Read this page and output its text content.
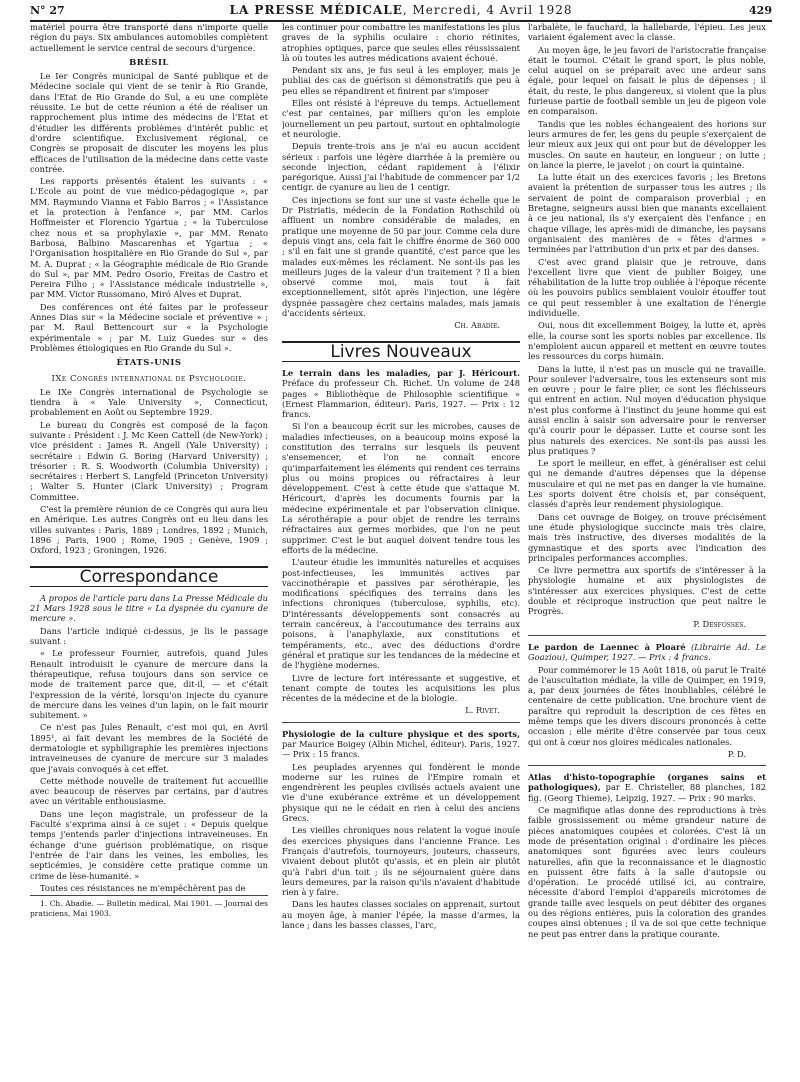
N° 27	LA PRESSE MÉDICALE, Mercredi, 4 Avril 1928	429

matériel pourra être transporté dans n'importe quelle région du pays. Six ambulances automobiles complètent actuellement le service central de secours d'urgence.

BRÉSIL

Le Ier Congrès municipal de Santé publique et de Médecine sociale qui vient de se tenir à Rio Grande, dans l'Etat de Rio Grande do Sul, a eu une complète réussite. Le but de cette réunion a été de réaliser un rapprochement plus intime des médecins de l'Etat et d'étudier les différents problèmes d'intérêt public et d'ordre scientifique. Exclusivement régional, ce Congrès se proposait de discuter les moyens les plus efficaces de l'utilisation de la médecine dans cette vaste contrée.

Les rapports présentés étaient les suivants : « L'Ecole au point de vue médico-pédagogique », par MM. Raymundo Vianna et Fabio Barros ; « l'Assistance et la protection à l'enfance », par MM. Carlos Hoffmeister et Florencio Ygartua ; « la Tuberculose chez nous et sa prophylaxie », par MM. Renato Barbosa, Balbino Mascarenhas et Ygartua ; « l'Organisation hospitalière en Rio Grande do Sul », par M. A. Duprat ; « la Géographie médicale de Rio Grande do Sul », par MM. Pedro Osorio, Freitas de Castro et Pereira Filho ; « l'Assistance médicale industrielle », par MM. Victor Russomano, Miró Alves et Duprat.

Des conférences ont été faites par le professeur Annes Dias sur « la Médecine sociale et préventive » ; par M. Raul Bettencourt sur « la Psychologie expérimentale » ; par M. Luiz Guedes sur « des Problèmes étiologiques en Rio Grande du Sul ».

ÉTATS-UNIS
IXe Congrès international de Psychologie.

Le IXe Congrès international de Psychologie se tiendra à « Yale University », Connecticut, probablement en Août ou Septembre 1929.

Le bureau du Congrès est composé de la façon suivante : Président : J. Mc Keen Cattell (de New-York) ; vice président : James R. Angell (Yale University) ; secrétaire : Edwin G. Boring (Harvard University) ; trésorier : R. S. Woodworth (Columbia University) ; secrétaires : Herbert S. Langfeld (Princeton University) ; Walter S. Hunter (Clark University) ; Program Committee.

C'est la première réunion de ce Congrès qui aura lieu en Amérique. Les autres Congrès ont eu lieu dans les villes suivantes : Paris, 1889 ; Londres, 1892 ; Munich, 1896 ; Paris, 1900 ; Rome, 1905 ; Genève, 1909 ; Oxford, 1923 ; Groningen, 1926.

Correspondance

A propos de l'article paru dans La Presse Médicale du 21 Mars 1928 sous le titre « La dyspnée du cyanure de mercure ».

Dans l'article indiqué ci-dessus, je lis le passage suivant :

« Le professeur Fournier, autrefois, quand Jules Renault introduisit le cyanure de mercure dans la thérapeutique, refusa toujours dans son service ce mode de traitement parce que, dit-il, — et c'était l'expression de la vérité, lorsqu'on injecte du cyanure de mercure dans les veines d'un lapin, on le fait mourir subitement. »

Ce n'est pas Jules Renault, c'est moi qui, en Avril 1895¹, ai fait devant les membres de la Société de dermatologie et syphiligraphie les premières injections intraveineuses de cyanure de mercure sur 3 malades que j'avais convoqués à cet effet.

Cette méthode nouvelle de traitement fut accueillie avec beaucoup de réserves par certains, par d'autres avec un véritable enthousiasme.

Dans une leçon magistrale, un professeur de la Faculté s'exprima ainsi à ce sujet : « Depuis quelque temps j'entends parler d'injections intraveineuses. En échange d'une guérison problématique, on risque l'entrée de l'air dans les veines, les embolies, les septicémies, je considère cette pratique comme un crime de lèse-humanité. »

Toutes ces résistances ne m'empêchèrent pas de

1. Ch. Abadie. — Bulletin médical, Mai 1901. — Journal des praticiens, Mai 1903.

les continuer pour combattre les manifestations les plus graves de la syphilis oculaire : chorio rétinites, atrophies optiques, parce que seules elles réussissaient là où toutes les autres médications avaient échoué.

Pendant six ans, je fus seul à les employer, mais je publiai des cas de guérison si démonstratifs que peu à peu elles se répandirent et finirent par s'imposer

Elles ont résisté à l'épreuve du temps. Actuellement c'est par centaines, par milliers qu'on les emploie journellement un peu partout, surtout en ophtalmologie et neurologie.

Depuis trente-trois ans je n'ai eu aucun accident sérieux : parfois une légère diarrhée à la première ou seconde injection, cédant rapidement à l'élixir parégorique. Aussi j'ai l'habitude de commencer par 1/2 centigr. de cyanure au lieu de 1 centigr.

Ces injections se font sur une si vaste échelle que le Dr Pistriatis, médecin de la Fondation Rothschild où affluent un nombre considérable de malades, en pratique une moyenne de 50 par jour. Comme cela dure depuis vingt ans, cela fait le chiffre énorme de 360 000 ; s'il en fait une si grande quantité, c'est parce que les malades eux-mêmes les réclament. Ne sont-ils pas les meilleurs juges de la valeur d'un traitement ? Il a bien observé comme moi, mais tout à fait exceptionnellement, sitôt après l'injection, une légère dyspnée passagère chez certains malades, mais jamais d'accidents sérieux.

Ch. Abadie.
Livres Nouveaux

Le terrain dans les maladies, par J. Héricourt. Préface du professeur Ch. Richet. Un volume de 248 pages « Bibliothèque de Philosophie scientifique » (Ernest Flammarion, éditeur). Paris, 1927. — Prix : 12 francs.

Si l'on a beaucoup écrit sur les microbes, causes de maladies infectieuses, on a beaucoup moins exposé la constitution des terrains sur lesquels ils peuvent s'ensemencer, et l'on ne connaît encore qu'imparfaitement les éléments qui rendent ces terrains plus ou moins propices ou réfractaires à leur développement. C'est à cette étude que s'attaque M. Héricourt, d'après les documents fournis par la médecine expérimentale et par l'observation clinique. La sérothérapie a pour objet de rendre les terrains réfractaires aux germes morbides, que l'on ne peut supprimer. C'est le but auquel doivent tendre tous les efforts de la médecine.

L'auteur étudie les immunités naturelles et acquises post-infectieuses, les immunités actives par vaccinothérapie et passives par sérothérapie, les modifications spécifiques des terrains dans les infections chroniques (tuberculose, syphilis, etc). D'intéressants développements sont consacrés au terrain cancéreux, à l'accoutumance des terrains aux poisons, à l'anaphylaxie, aux constitutions et tempéraments, etc., avec des déductions d'ordre général et pratique sur les tendances de la médecine et de l'hygiène modernes.

Livre de lecture fort intéressante et suggestive, et tenant compte de toutes les acquisitions les plus récentes de la médecine et de la biologie.

L. Rivet.

Physiologie de la culture physique et des sports, par Maurice Boigey (Albin Michel, éditeur). Paris, 1927. — Prix : 15 francs.

Les peuplades aryennes qui fondèrent le monde moderne sur les ruines de l'Empire romain et engendrèrent les peuples civilisés actuels avaient une vie d'une exubérance extrême et un développement physique qui ne le cédait en rien à celui des anciens Grecs.

Les vieilles chroniques nous relatent la vogue inouïe des exercices physiques dans l'ancienne France. Les Français d'autrefois, tournoyeurs, jouteurs, chasseurs, vivaient debout plutôt qu'assis, et en plein air plutôt qu'à l'abri d'un toit ; ils ne séjournaient guère dans leurs demeures, par la raison qu'ils n'avaient d'habitude rien à y faire.

Dans les hautes classes sociales on apprenait, surtout au moyen âge, à manier l'épée, la masse d'armes, la lance ; dans les basses classes, l'arc,

l'arbalète, le fauchard, la hallebarde, l'épieu. Les jeux variaient également avec la classe.

Au moyen âge, le jeu favori de l'aristocratie française était le tournoi. C'était le grand sport, le plus noble, celui auquel on se préparait avec une ardeur sans égale, pour lequel on faisait le plus de dépenses ; il était, du reste, le plus dangereux, si violent que la plus furieuse partie de football semble un jeu de pigeon vole en comparaison.

Tandis que les nobles échangeaient des horions sur leurs armures de fer, les gens du peuple s'exerçaient de leur mieux aux jeux qui ont pour but de développer les muscles. On saute en hauteur, en longueur ; on lutte ; on lance la pierre, le javelot ; on court la quintaine.

La lutte était un des exercices favoris ; les Bretons avaient la prétention de surpasser tous les autres ; ils servaient de point de comparaison proverbial ; en Bretagne, seigneurs aussi bien que manants excellaient à ce jeu national, ils s'y exerçaient dès l'enfance ; en chaque village, les après-midi de dimanche, les paysans organisaient des manières de « fêtes d'armes » terminées par l'attribution d'un prix et par des danses.

C'est avec grand plaisir que je retrouve, dans l'excellent livre que vient de publier Boigey, une réhabilitation de la lutte trop oubliée à l'époque récente où les pouvoirs publics semblaient vouloir étouffer tout ce qui peut ressembler à une exaltation de l'énergie individuelle.

Oui, nous dit excellemment Boigey, la lutte et, après elle, la course sont les sports nobles par excellence. Ils n'emploient aucun appareil et mettent en œuvre toutes les ressources du corps humain.

Dans la lutte, il n'est pas un muscle qui ne travaille. Pour soulever l'adversaire, tous les extenseurs sont mis en œuvre ; pour le faire plier, ce sont les fléchisseurs qui entrent en action. Nul moyen d'éducation physique n'est plus conforme à l'instinct du jeune homme qui est aussi enclin à saisir son adversaire pour le renverser qu'à courir pour le dépasser. Lutte et course sont les plus naturels des exercices. Ne sont-ils pas aussi les plus pratiques ?

Le sport le meilleur, en effet, à généraliser est celui qui ne demande d'autres dépenses que la dépense musculaire et qui ne met pas en danger la vie humaine. Les sports doivent être choisis et, par conséquent, classés d'après leur rendement physiologique.

Dans cet ouvrage de Boigey, on trouve précisément une étude physiologique succincte mais très claire, mais très instructive, des diverses modalités de la gymnastique et des sports avec l'indication des principales performances accomplies.

Ce livre permettra aux sportifs de s'intéresser à la physiologie humaine et aux physiologistes de s'intéresser aux exercices physiques. C'est de cette double et réciproque instruction que peut naître le Progrès.

P. Desfosses.

Le pardon de Laennec à Ploaré (Librairie Ad. Le Goaziou), Quimper, 1927. — Prix : 4 francs.

Pour commémorer le 15 Août 1818, où parut le Traité de l'auscultation médiate, la ville de Quimper, en 1919, a, par deux journées de fêtes inoubliables, célébré le centenaire de cette publication. Une brochure vient de paraître qui reproduit la description de ces fêtes en même temps que les divers discours prononcés à cette occasion ; elle mérite d'être conservée par tous ceux qui ont à cœur nos gloires médicales nationales.

P. D.

Atlas d'histo-topographie (organes sains et pathologiques), par E. Christeller, 88 planches, 182 fig. (Georg Thieme), Leipzig, 1927. — Prix : 90 marks.

Ce magnifique atlas donne des reproductions à très faible grossissement ou même grandeur nature de pièces anatomiques coupées et colorées. C'est là un mode de présentation original : d'ordinaire les pièces anatomiques sont figurées avec leurs couleurs naturelles, afin que la reconnaissance et le diagnostic en puissent être faits à la salle d'autopsie ou d'opération. Le procédé utilisé ici, au contraire, nécessite d'abord l'emploi d'appareils microtomes de grande taille avec lesquels on peut débiter des organes ou des régions entières, puis la coloration des grandes coupes ainsi obtenues ; il va de soi que cette technique ne peut pas entrer dans la pratique courante.
